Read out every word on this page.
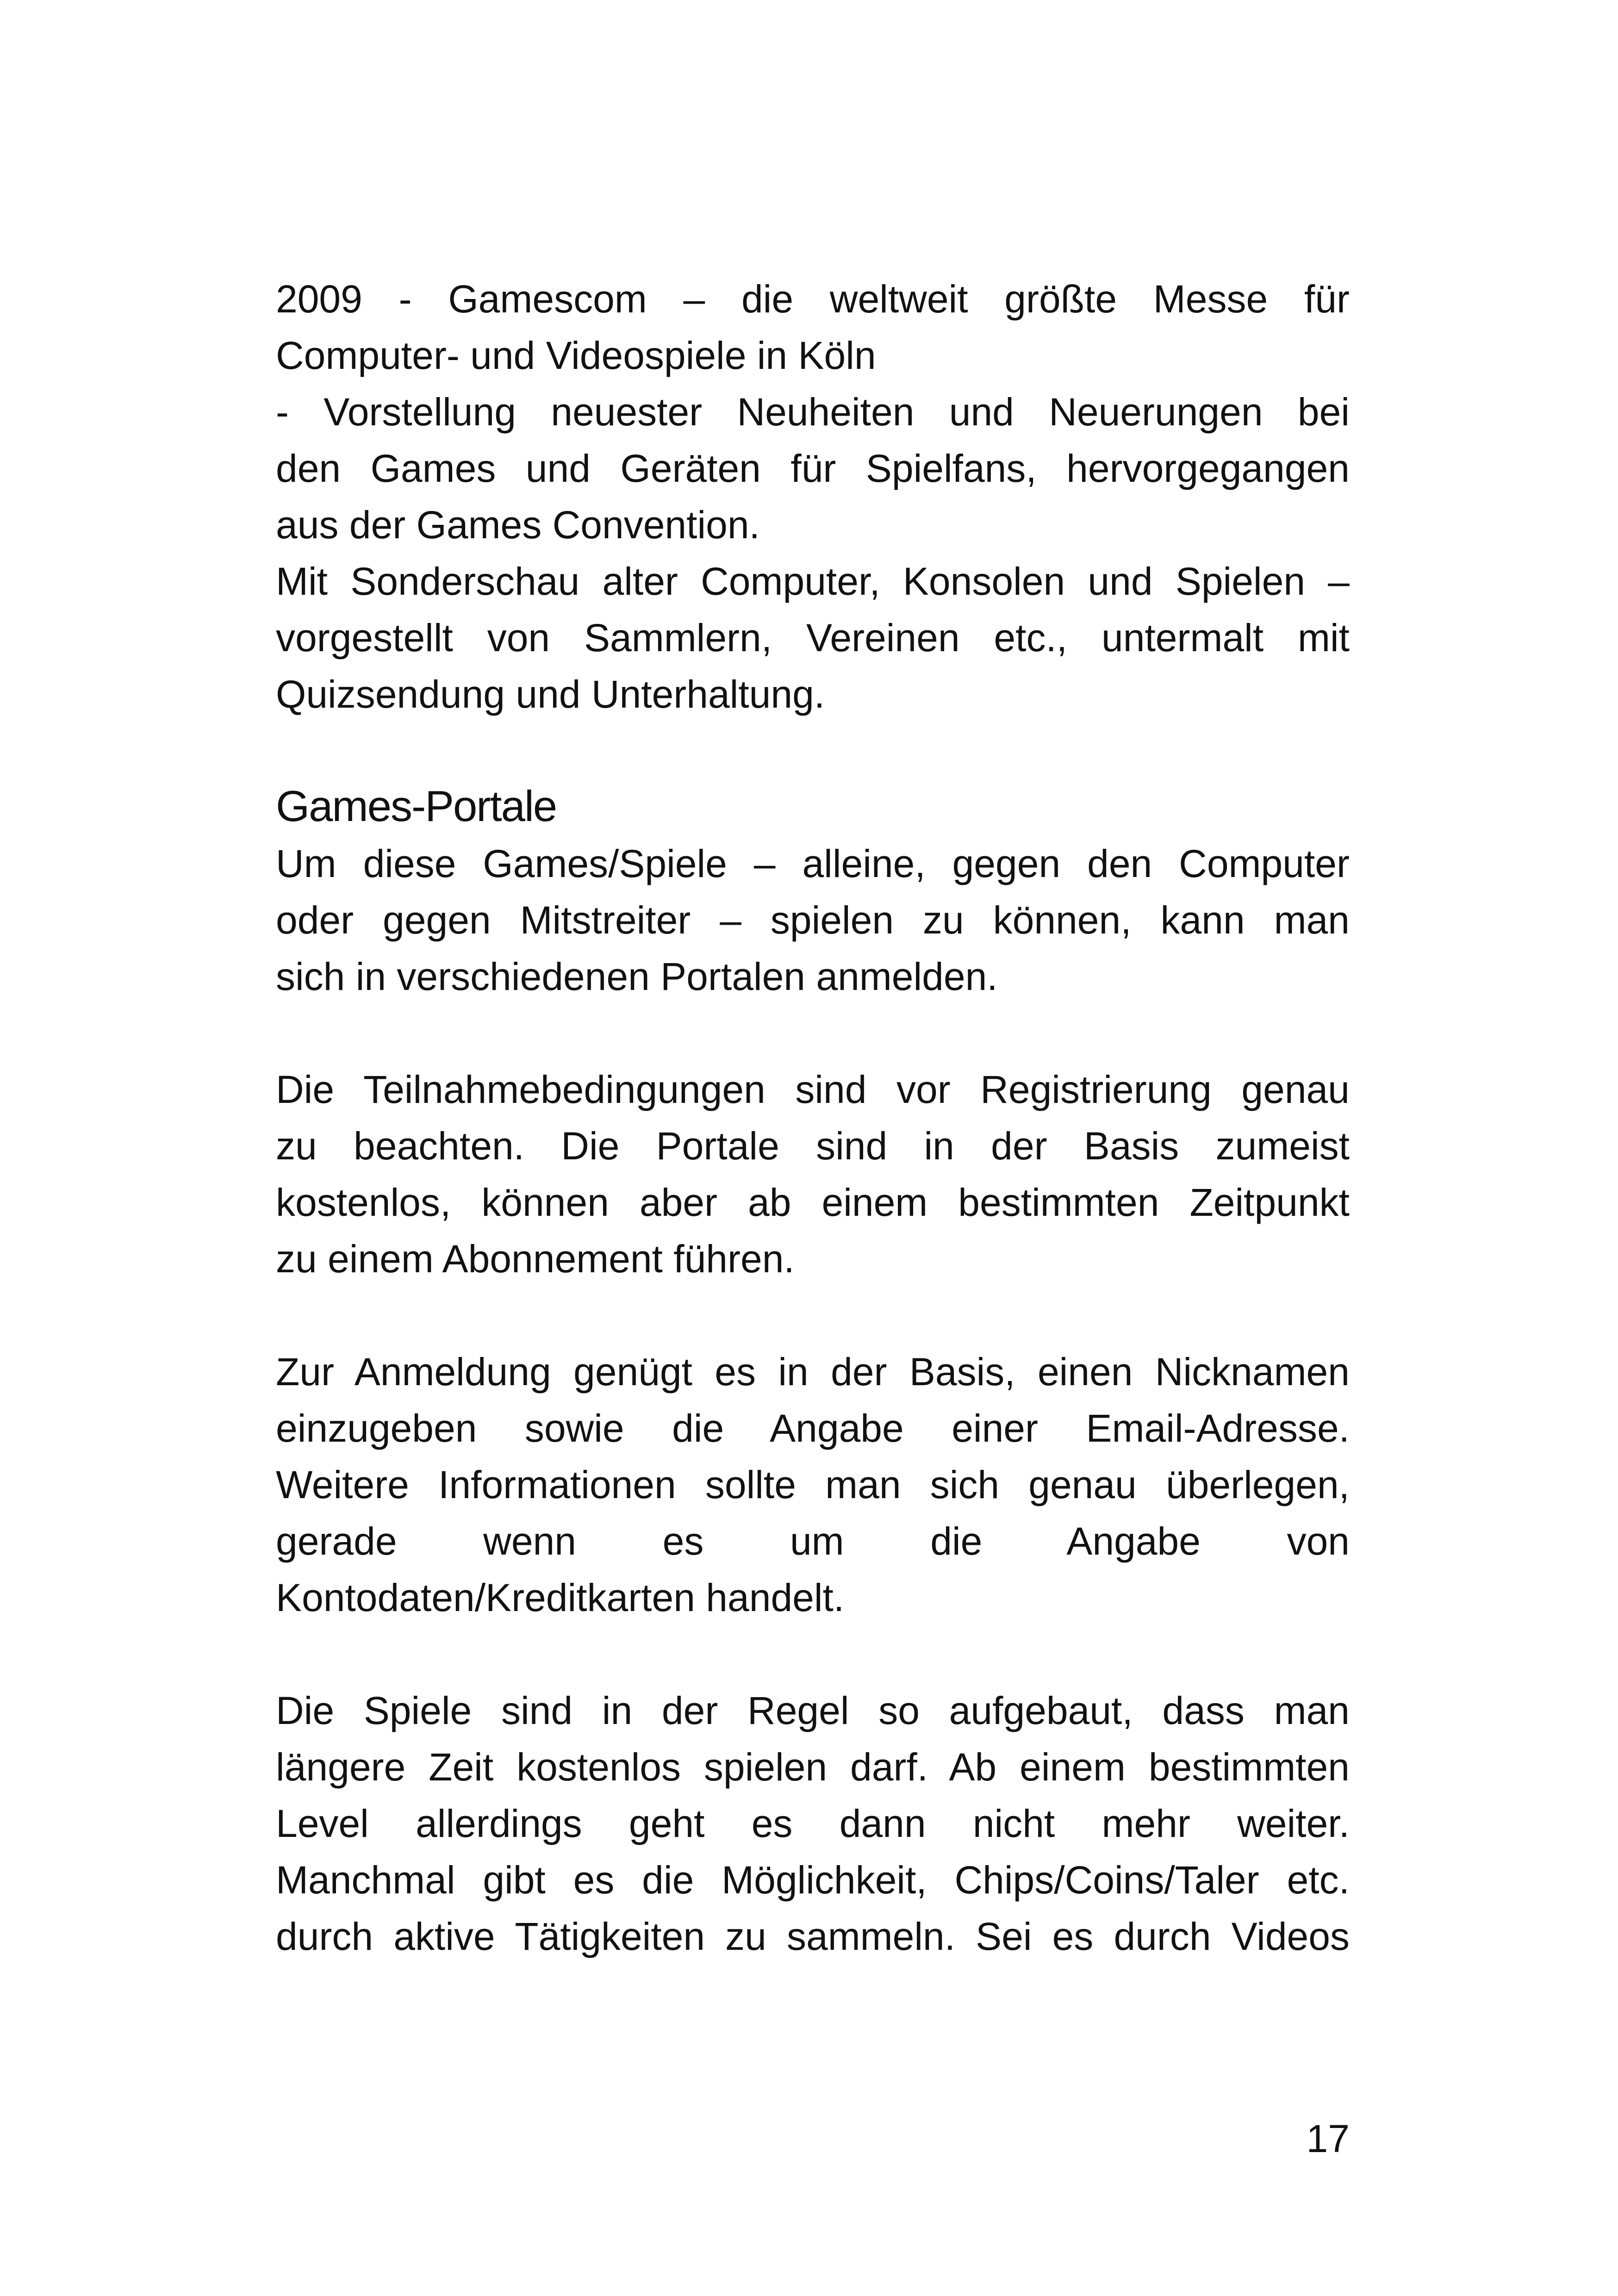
2009 - Gamescom – die weltweit größte Messe für
Computer- und Videospiele in Köln
- Vorstellung neuester Neuheiten und Neuerungen bei
den Games und Geräten für Spielfans, hervorgegangen
aus der Games Convention.
Mit Sonderschau alter Computer, Konsolen und Spielen –
vorgestellt von Sammlern, Vereinen etc., untermalt mit
Quizsendung und Unterhaltung.
Games-Portale
Um diese Games/Spiele – alleine, gegen den Computer
oder gegen Mitstreiter – spielen zu können, kann man
sich in verschiedenen Portalen anmelden.
Die Teilnahmebedingungen sind vor Registrierung genau
zu beachten. Die Portale sind in der Basis zumeist
kostenlos, können aber ab einem bestimmten Zeitpunkt
zu einem Abonnement führen.
Zur Anmeldung genügt es in der Basis, einen Nicknamen
einzugeben sowie die Angabe einer Email-Adresse.
Weitere Informationen sollte man sich genau überlegen,
gerade wenn es um die Angabe von
Kontodaten/Kreditkarten handelt.
Die Spiele sind in der Regel so aufgebaut, dass man
längere Zeit kostenlos spielen darf. Ab einem bestimmten
Level allerdings geht es dann nicht mehr weiter.
Manchmal gibt es die Möglichkeit, Chips/Coins/Taler etc.
durch aktive Tätigkeiten zu sammeln. Sei es durch Videos
17
